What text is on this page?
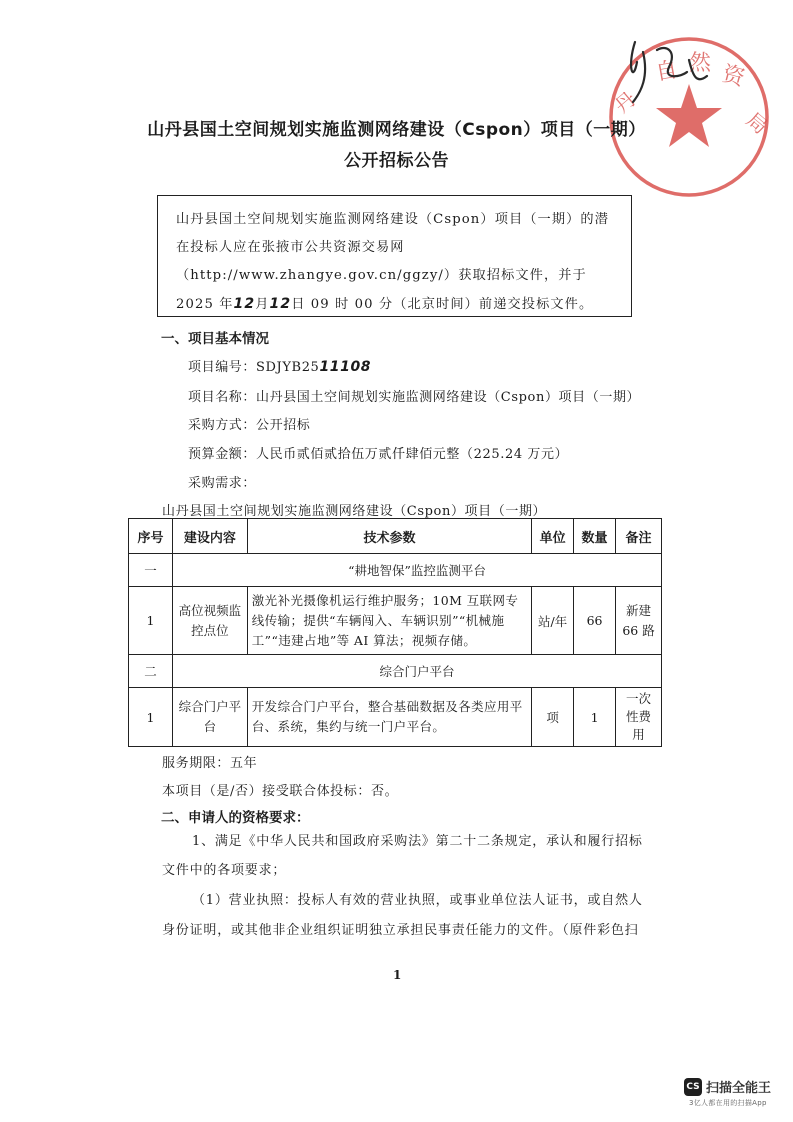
自 然 资
丹
局
山丹县国土空间规划实施监测网络建设（Cspon）项目（一期）
公开招标公告
山丹县国土空间规划实施监测网络建设（Cspon）项目（一期）的潜在投标人应在张掖市公共资源交易网（http://www.zhangye.gov.cn/ggzy/）获取招标文件，并于 2025 年12月12日 09 时 00 分（北京时间）前递交投标文件。
一、项目基本情况
项目编号：SDJYB2511108
项目名称：山丹县国土空间规划实施监测网络建设（Cspon）项目（一期）
采购方式：公开招标
预算金额：人民币贰佰贰拾伍万贰仟肆佰元整（225.24 万元）
采购需求：
山丹县国土空间规划实施监测网络建设（Cspon）项目（一期）
序号	建设内容	技术参数	单位	数量	备注
一	“耕地智保”监控监测平台				
1	高位视频监控点位	激光补光摄像机运行维护服务；10M 互联网专线传输；提供“车辆闯入、车辆识别”“机械施工”“违建占地”等 AI 算法；视频存储。	站/年	66	新建 66 路
二	综合门户平台				
1	综合门户平台	开发综合门户平台，整合基础数据及各类应用平台、系统，集约与统一门户平台。	项	1	一次性费用
服务期限：五年
本项目（是/否）接受联合体投标：否。
二、申请人的资格要求：
1、满足《中华人民共和国政府采购法》第二十二条规定，承认和履行招标
文件中的各项要求；
（1）营业执照：投标人有效的营业执照，或事业单位法人证书，或自然人
身份证明，或其他非企业组织证明独立承担民事责任能力的文件。（原件彩色扫
1
CS 扫描全能王
3亿人都在用的扫描App
